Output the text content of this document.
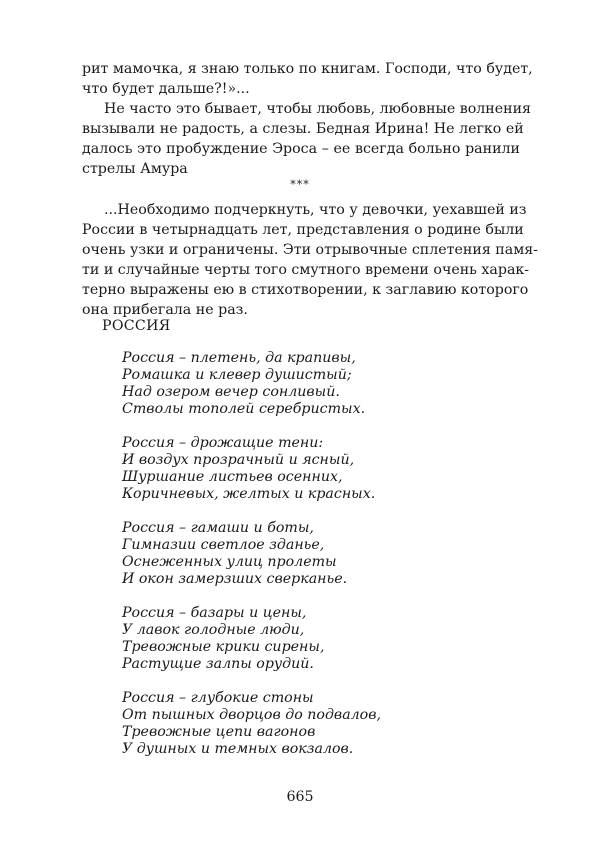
рит мамочка, я знаю только по книгам. Господи, что будет,

что будет дальше?!»...

Не часто это бывает, чтобы любовь, любовные волнения

вызывали не радость, а слезы. Бедная Ирина! Не легко ей

далось это пробуждение Эроса – ее всегда больно ранили

стрелы Амура

***

...Необходимо подчеркнуть, что у девочки, уехавшей из

России в четырнадцать лет, представления о родине были

очень узки и ограничены. Эти отрывочные сплетения памя-

ти и случайные черты того смутного времени очень харак-

терно выражены ею в стихотворении, к заглавию которого

она прибегала не раз.

РОССИЯ
Россия – плетень, да крапивы,
Ромашка и клевер душистый;
Над озером вечер сонливый.
Стволы тополей серебристых.
Россия – дрожащие тени:
И воздух прозрачный и ясный,
Шуршание листьев осенних,
Коричневых, желтых и красных.
Россия – гамаши и боты,
Гимназии светлое зданье,
Оснеженных улиц пролеты
И окон замерзших сверканье.
Россия – базары и цены,
У лавок голодные люди,
Тревожные крики сирены,
Растущие залпы орудий.
Россия – глубокие стоны
От пышных дворцов до подвалов,
Тревожные цепи вагонов
У душных и темных вокзалов.
665
